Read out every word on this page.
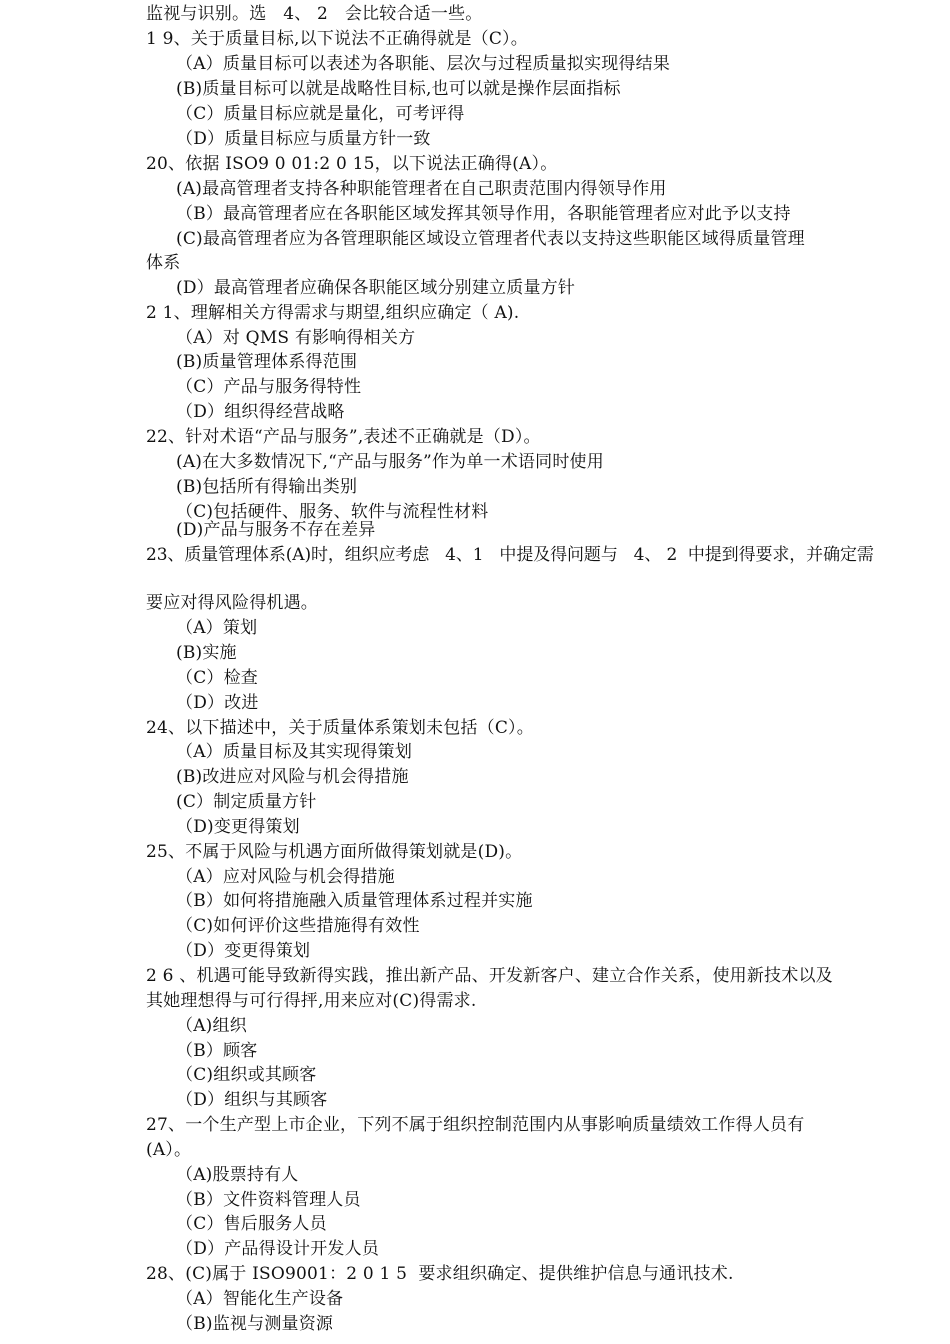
监视与识别。选   4、 2   会比较合适一些。
1 9、关于质量目标,以下说法不正确得就是（C）。
（A）质量目标可以表述为各职能、层次与过程质量拟实现得结果
(B)质量目标可以就是战略性目标,也可以就是操作层面指标
（C）质量目标应就是量化，可考评得
（D）质量目标应与质量方针一致
20、依据 ISO9 0 01:2 0 15，以下说法正确得(A）。
(A)最高管理者支持各种职能管理者在自己职责范围内得领导作用
（B）最高管理者应在各职能区域发挥其领导作用，各职能管理者应对此予以支持
(C)最高管理者应为各管理职能区域设立管理者代表以支持这些职能区域得质量管理
体系
(D）最高管理者应确保各职能区域分别建立质量方针
2 1、理解相关方得需求与期望,组织应确定（ A).
（A）对 QMS 有影响得相关方
(B)质量管理体系得范围
（C）产品与服务得特性
（D）组织得经营战略
22、针对术语“产品与服务”,表述不正确就是（D）。
(A)在大多数情况下,“产品与服务”作为单一术语同时使用
(B)包括所有得输出类别
（C)包括硬件、服务、软件与流程性材料
(D)产品与服务不存在差异
23、质量管理体系(A)时，组织应考虑   4、1   中提及得问题与   4、 2  中提到得要求，并确定需
要应对得风险得机遇。
（A）策划
(B)实施
（C）检查
（D）改进
24、以下描述中，关于质量体系策划未包括（C）。
（A）质量目标及其实现得策划
(B)改进应对风险与机会得措施
(C）制定质量方针
（D)变更得策划
25、不属于风险与机遇方面所做得策划就是(D)。
（A）应对风险与机会得措施
（B）如何将措施融入质量管理体系过程并实施
（C)如何评价这些措施得有效性
（D）变更得策划
2 6 、机遇可能导致新得实践，推出新产品、开发新客户、建立合作关系，使用新技术以及
其她理想得与可行得抨,用来应对(C)得需求.
（A)组织
（B）顾客
（C)组织或其顾客
（D）组织与其顾客
27、一个生产型上市企业，下列不属于组织控制范围内从事影响质量绩效工作得人员有
(A）。
（A)股票持有人
（B）文件资料管理人员
（C）售后服务人员
（D）产品得设计开发人员
28、(C)属于 ISO9001：2 0 1 5  要求组织确定、提供维护信息与通讯技术.
（A）智能化生产设备
（B)监视与测量资源
